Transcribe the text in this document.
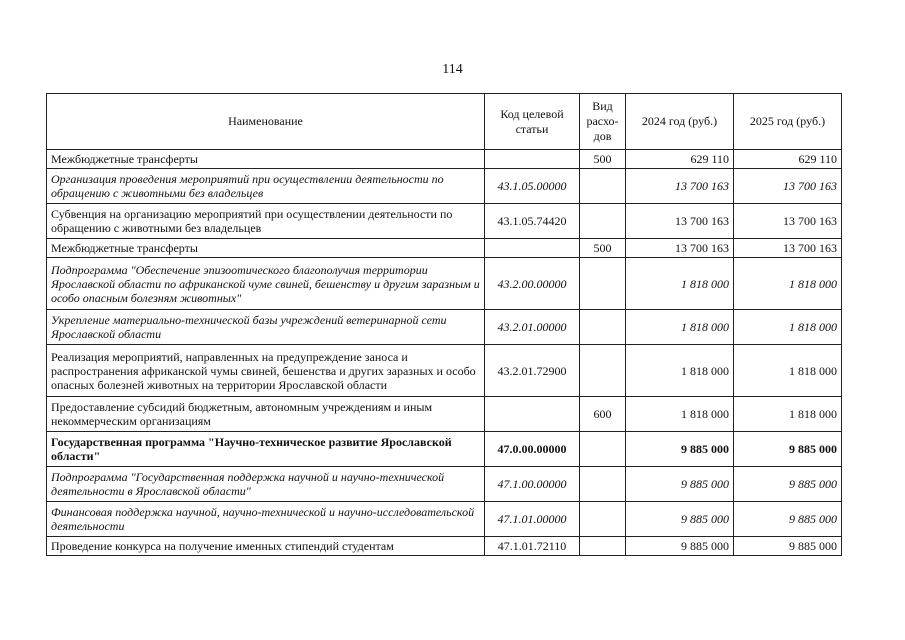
114
Наименование	Код целевой статьи	Вид расхо-дов	2024 год (руб.)	2025 год (руб.)
Межбюджетные трансферты		500	629 110	629 110
Организация проведения мероприятий при осуществлении деятельности по обращению с животными без владельцев	43.1.05.00000		13 700 163	13 700 163
Субвенция на организацию мероприятий при осуществлении деятельности по обращению с животными без владельцев	43.1.05.74420		13 700 163	13 700 163
Межбюджетные трансферты		500	13 700 163	13 700 163
Подпрограмма "Обеспечение эпизоотического благополучия территории Ярославской области по африканской чуме свиней, бешенству и другим заразным и особо опасным болезням животных"	43.2.00.00000		1 818 000	1 818 000
Укрепление материально-технической базы учреждений ветеринарной сети Ярославской области	43.2.01.00000		1 818 000	1 818 000
Реализация мероприятий, направленных на предупреждение заноса и распространения африканской чумы свиней, бешенства и других заразных и особо опасных болезней животных на территории Ярославской области	43.2.01.72900		1 818 000	1 818 000
Предоставление субсидий бюджетным, автономным учреждениям и иным некоммерческим организациям		600	1 818 000	1 818 000
Государственная программа "Научно-техническое развитие Ярославской области"	47.0.00.00000		9 885 000	9 885 000
Подпрограмма "Государственная поддержка научной и научно-технической деятельности в Ярославской области"	47.1.00.00000		9 885 000	9 885 000
Финансовая поддержка научной, научно-технической и научно-исследовательской деятельности	47.1.01.00000		9 885 000	9 885 000
Проведение конкурса на получение именных стипендий студентам	47.1.01.72110		9 885 000	9 885 000
